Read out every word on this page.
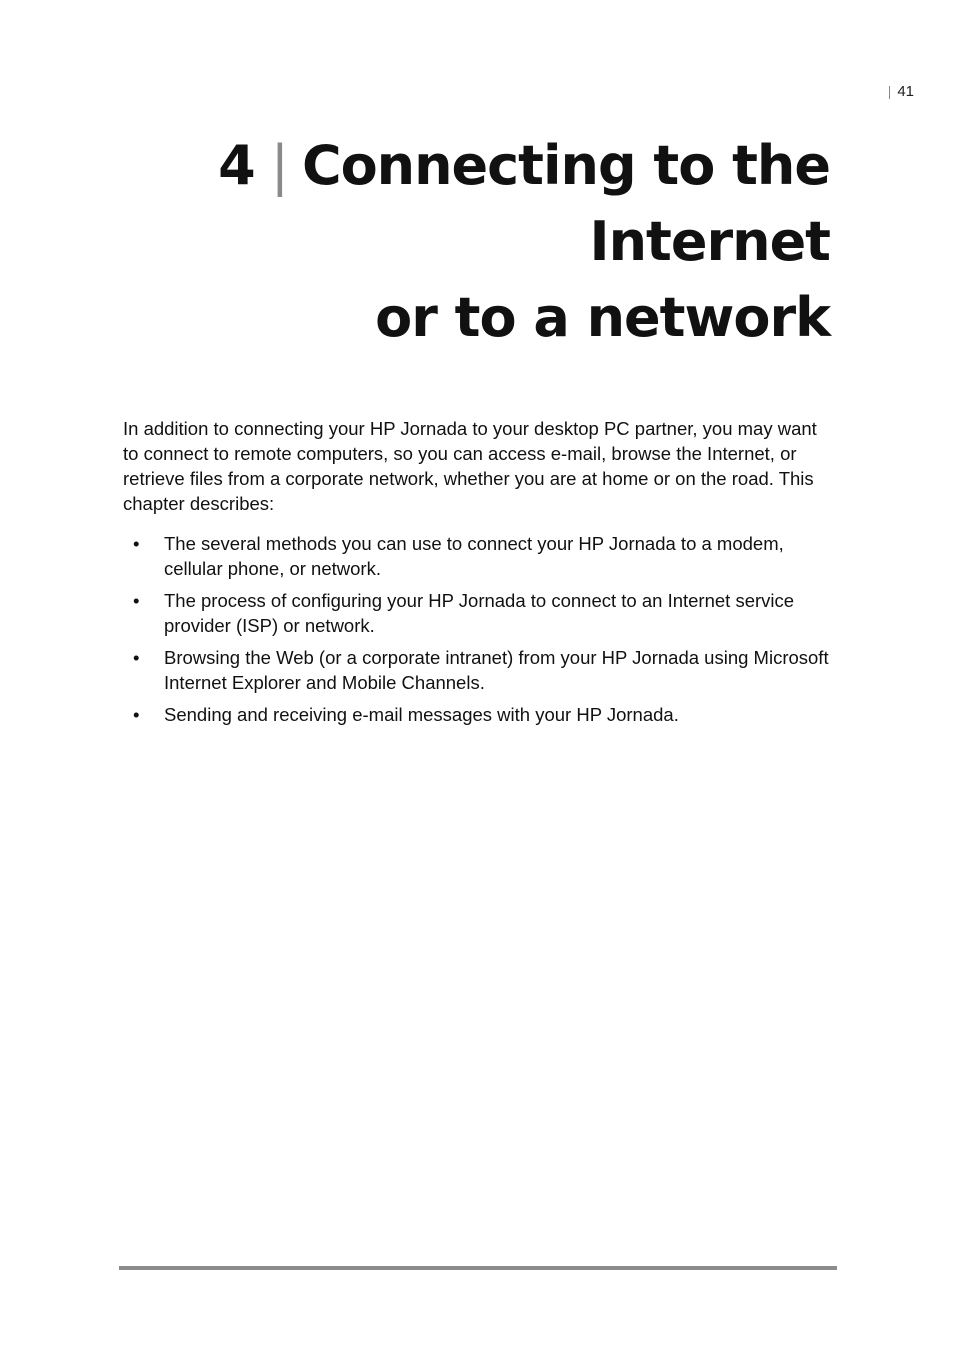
41
4 | Connecting to the
Internet
or to a network

In addition to connecting your HP Jornada to your desktop PC partner, you may want to connect to remote computers, so you can access e-mail, browse the Internet, or retrieve files from a corporate network, whether you are at home or on the road. This chapter describes:

• The several methods you can use to connect your HP Jornada to a modem, cellular phone, or network.
• The process of configuring your HP Jornada to connect to an Internet service provider (ISP) or network.
• Browsing the Web (or a corporate intranet) from your HP Jornada using Microsoft Internet Explorer and Mobile Channels.
• Sending and receiving e-mail messages with your HP Jornada.
